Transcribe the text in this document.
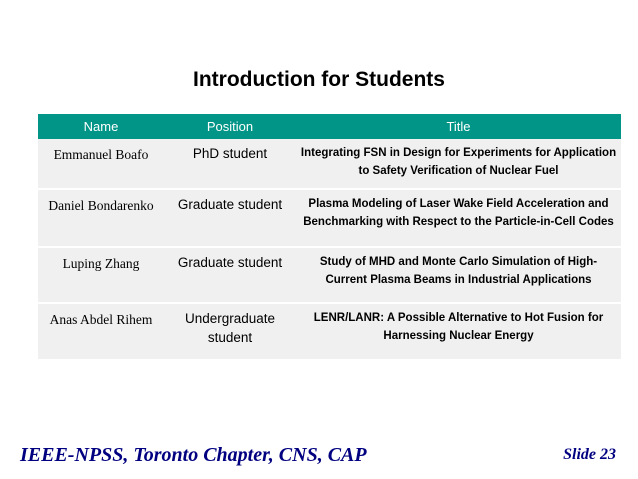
Introduction for Students
Name	Position	Title
Emmanuel Boafo	PhD student	Integrating FSN in Design for Experiments for Application to Safety Verification of Nuclear Fuel
Daniel Bondarenko	Graduate student	Plasma Modeling of Laser Wake Field Acceleration and Benchmarking with Respect to the Particle-in-Cell Codes
Luping Zhang	Graduate student	Study of MHD and Monte Carlo Simulation of High-Current Plasma Beams in Industrial Applications
Anas Abdel Rihem	Undergraduate student	LENR/LANR: A Possible Alternative to Hot Fusion for Harnessing Nuclear Energy
IEEE-NPSS, Toronto Chapter, CNS, CAP	Slide 23
